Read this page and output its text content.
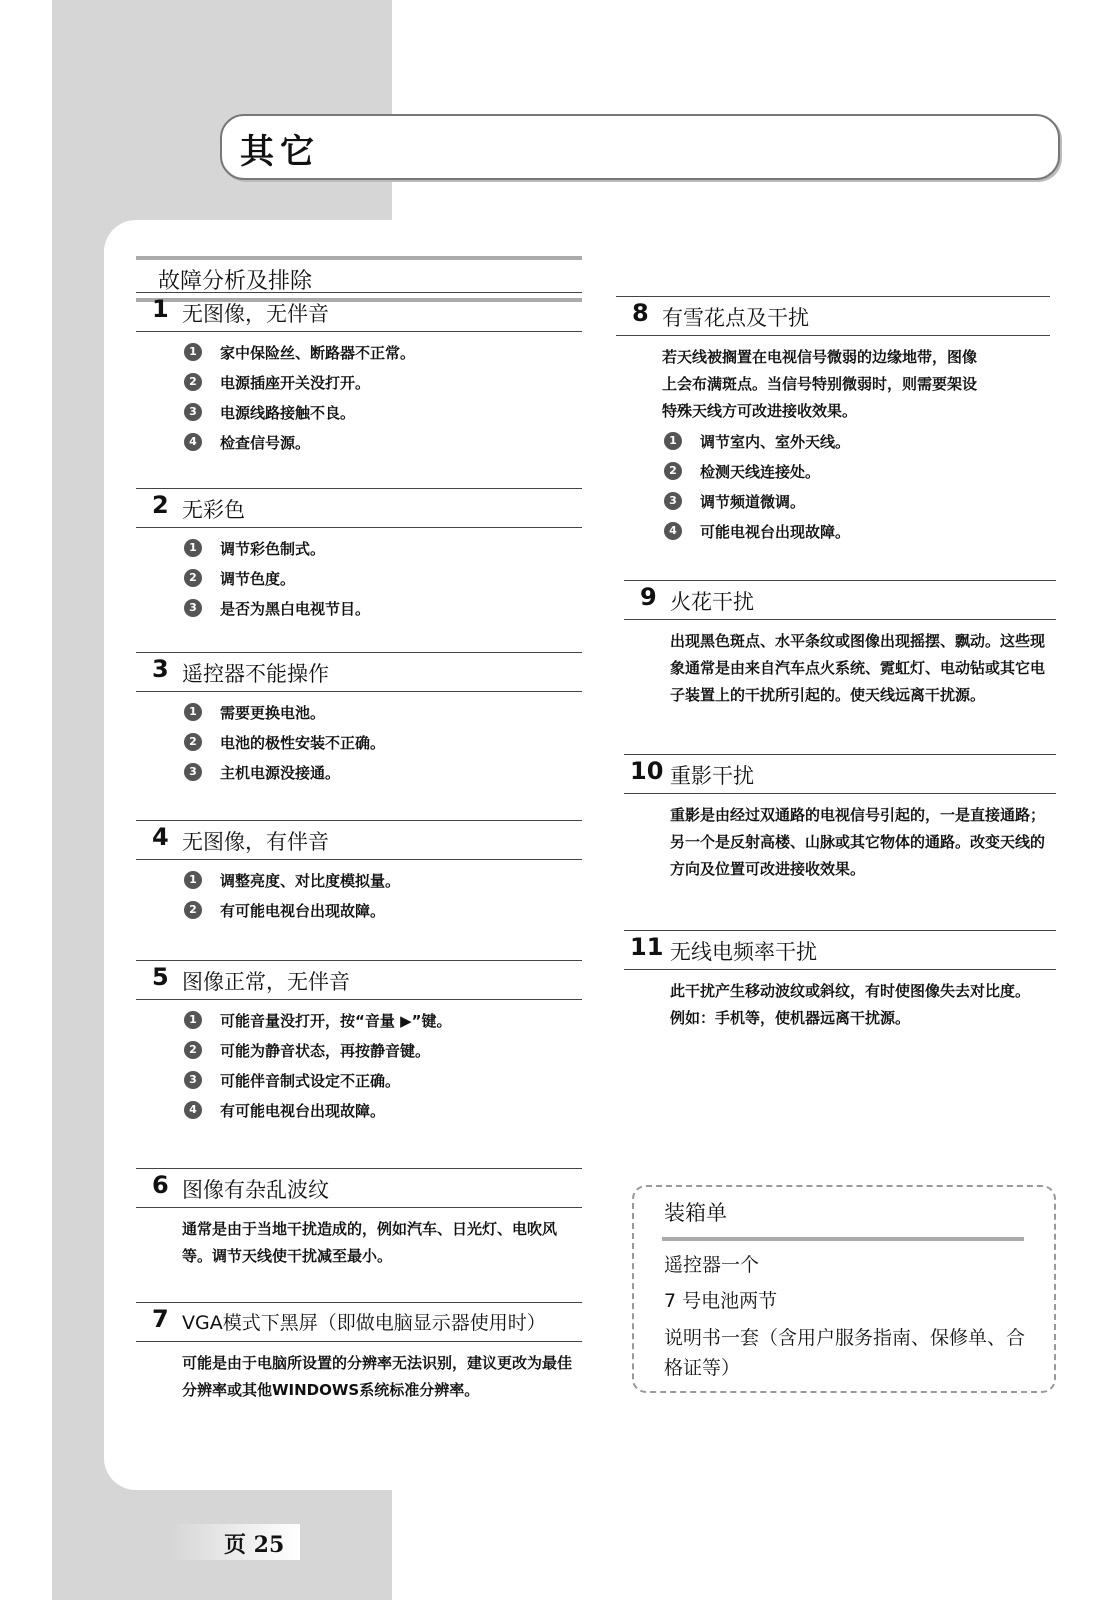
其它
故障分析及排除
1 无图像，无伴音
1	家中保险丝、断路器不正常。
2	电源插座开关没打开。
3	电源线路接触不良。
4	检查信号源。
2 无彩色
1	调节彩色制式。
2	调节色度。
3	是否为黑白电视节目。
3 遥控器不能操作
1	需要更换电池。
2	电池的极性安装不正确。
3	主机电源没接通。
4 无图像，有伴音
1	调整亮度、对比度模拟量。
2	有可能电视台出现故障。
5 图像正常，无伴音
1	可能音量没打开，按“音量 ▶”键。
2	可能为静音状态，再按静音键。
3	可能伴音制式设定不正确。
4	有可能电视台出现故障。
6 图像有杂乱波纹

通常是由于当地干扰造成的，例如汽车、日光灯、电吹风等。调节天线使干扰减至最小。

7 VGA模式下黑屏（即做电脑显示器使用时）

可能是由于电脑所设置的分辨率无法识别，建议更改为最佳分辨率或其他WINDOWS系统标准分辨率。

8 有雪花点及干扰

若天线被搁置在电视信号微弱的边缘地带，图像上会布满斑点。当信号特别微弱时，则需要架设特殊天线方可改进接收效果。

1	调节室内、室外天线。
2	检测天线连接处。
3	调节频道微调。
4	可能电视台出现故障。
9 火花干扰

出现黑色斑点、水平条纹或图像出现摇摆、飘动。这些现象通常是由来自汽车点火系统、霓虹灯、电动钻或其它电子装置上的干扰所引起的。使天线远离干扰源。

10 重影干扰

重影是由经过双通路的电视信号引起的，一是直接通路；另一个是反射高楼、山脉或其它物体的通路。改变天线的方向及位置可改进接收效果。

11 无线电频率干扰

此干扰产生移动波纹或斜纹，有时使图像失去对比度。例如：手机等，使机器远离干扰源。

装箱单
遥控器一个
7 号电池两节
说明书一套（含用户服务指南、保修单、合格证等）
页 25
